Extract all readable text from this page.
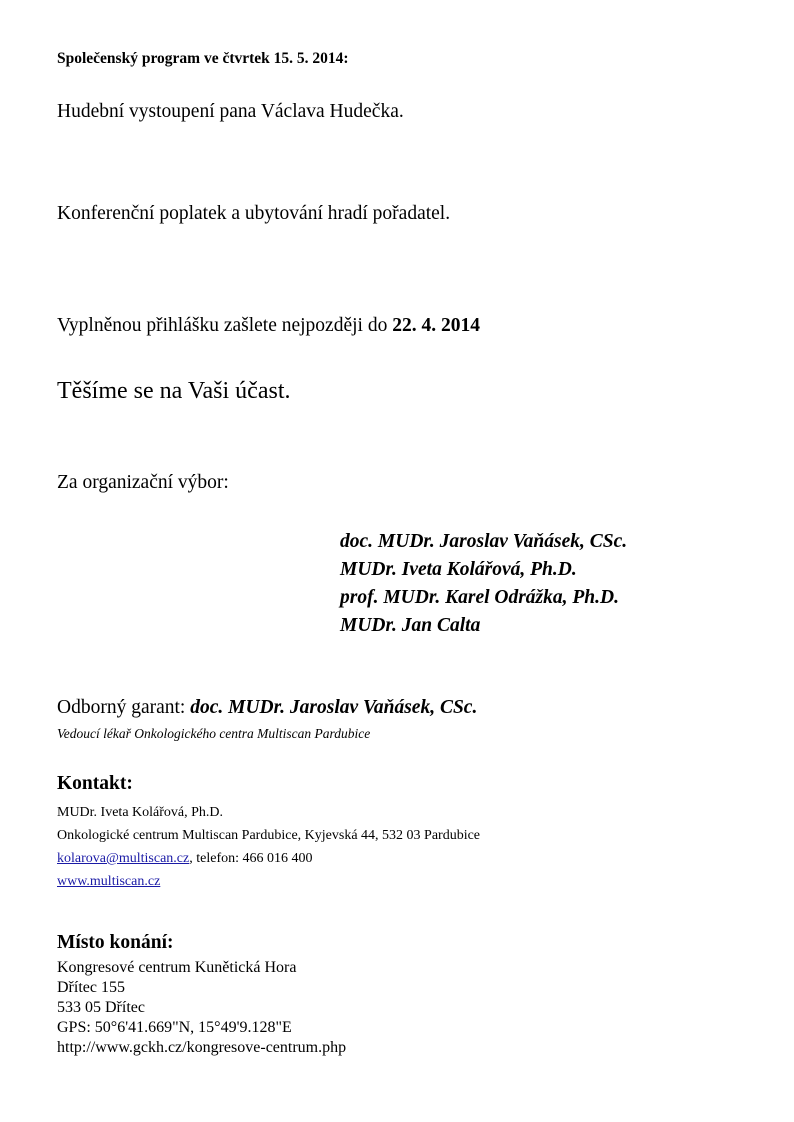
Společenský program ve čtvrtek 15. 5. 2014:
Hudební vystoupení pana Václava Hudečka.
Konferenční poplatek a ubytování hradí pořadatel.
Vyplněnou přihlášku zašlete nejpozději do 22. 4. 2014
Těšíme se na Vaši účast.
Za organizační výbor:
doc. MUDr. Jaroslav Vaňásek, CSc.
MUDr. Iveta Kolářová, Ph.D.
prof. MUDr. Karel Odrážka, Ph.D.
MUDr. Jan Calta
Odborný garant: doc. MUDr. Jaroslav Vaňásek, CSc.
Vedoucí lékař Onkologického centra Multiscan Pardubice
Kontakt:
MUDr. Iveta Kolářová, Ph.D.
Onkologické centrum Multiscan Pardubice, Kyjevská 44, 532 03 Pardubice
kolarova@multiscan.cz, telefon: 466 016 400
www.multiscan.cz
Místo konání:
Kongresové centrum Kunětická Hora
Dřítec 155
533 05 Dřítec
GPS: 50°6'41.669"N, 15°49'9.128"E
http://www.gckh.cz/kongresove-centrum.php
